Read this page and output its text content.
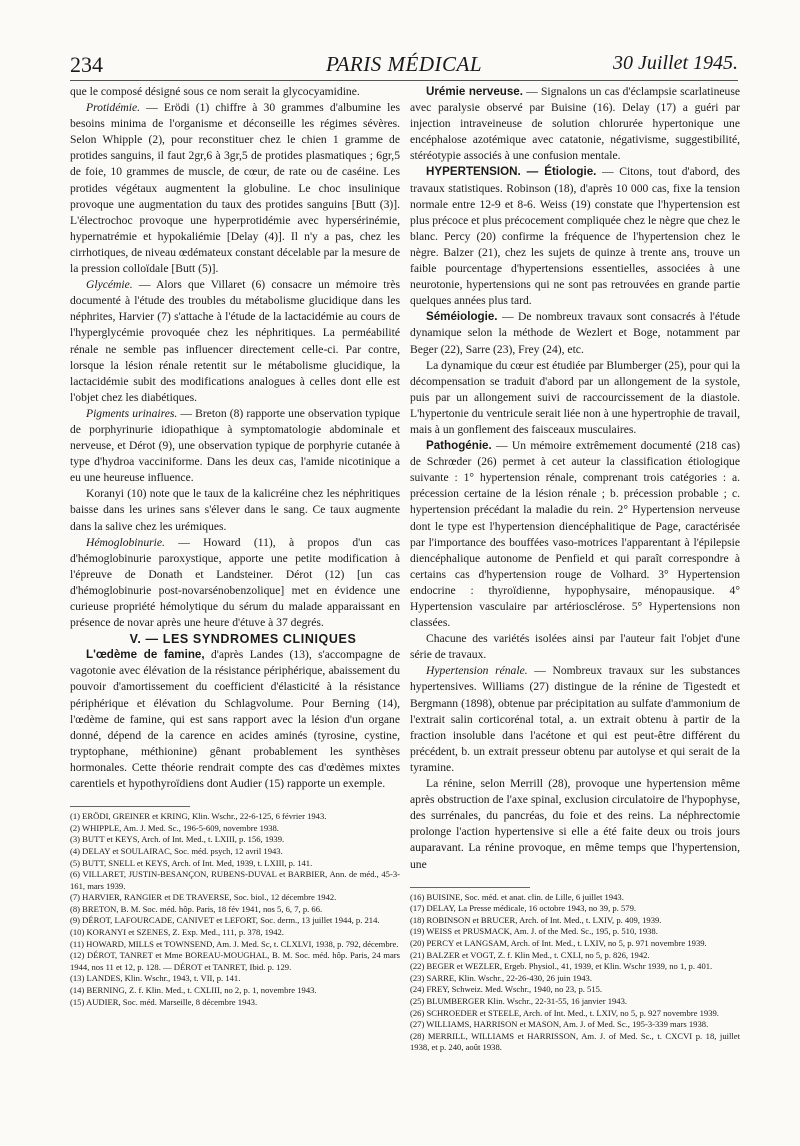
234	PARIS MÉDICAL	30 Juillet 1945.

que le composé désigné sous ce nom serait la glycocyamidine.

Protidémie. — Erödi (1) chiffre à 30 grammes d'albumine les besoins minima de l'organisme et déconseille les régimes sévères. Selon Whipple (2), pour reconstituer chez le chien 1 gramme de protides sanguins, il faut 2gr,6 à 3gr,5 de protides plasmatiques ; 6gr,5 de foie, 10 grammes de muscle, de cœur, de rate ou de caséine. Les protides végétaux augmentent la globuline. Le choc insulinique provoque une augmentation du taux des protides sanguins [Butt (3)]. L'électrochoc provoque une hyperprotidémie avec hypersérinémie, hypernatrémie et hypokaliémie [Delay (4)]. Il n'y a pas, chez les cirrhotiques, de niveau œdémateux constant décelable par la mesure de la pression colloïdale [Butt (5)].

Glycémie. — Alors que Villaret (6) consacre un mémoire très documenté à l'étude des troubles du métabolisme glucidique dans les néphrites, Harvier (7) s'attache à l'étude de la lactacidémie au cours de l'hyperglycémie provoquée chez les néphritiques. La perméabilité rénale ne semble pas influencer directement celle-ci. Par contre, lorsque la lésion rénale retentit sur le métabolisme glucidique, la lactacidémie subit des modifications analogues à celles dont elle est l'objet chez les diabétiques.

Pigments urinaires. — Breton (8) rapporte une observation typique de porphyrinurie idiopathique à symptomatologie abdominale et nerveuse, et Dérot (9), une observation typique de porphyrie cutanée à type d'hydroa vacciniforme. Dans les deux cas, l'amide nicotinique a eu une heureuse influence.

Koranyi (10) note que le taux de la kalicréine chez les néphritiques baisse dans les urines sans s'élever dans le sang. Ce taux augmente dans la salive chez les urémiques.

Hémoglobinurie. — Howard (11), à propos d'un cas d'hémoglobinurie paroxystique, apporte une petite modification à l'épreuve de Donath et Landsteiner. Dérot (12) [un cas d'hémoglobinurie post-novarsénobenzolique] met en évidence une curieuse propriété hémolytique du sérum du malade apparaissant en présence de novar après une heure d'étuve à 37 degrés.

V. — LES SYNDROMES CLINIQUES

L'œdème de famine, d'après Landes (13), s'accompagne de vagotonie avec élévation de la résistance périphérique, abaissement du pouvoir d'amortissement du coefficient d'élasticité à la résistance périphérique et élévation du Schlagvolume. Pour Berning (14), l'œdème de famine, qui est sans rapport avec la lésion d'un organe donné, dépend de la carence en acides aminés (tyrosine, cystine, tryptophane, méthionine) gênant probablement les synthèses hormonales. Cette théorie rendrait compte des cas d'œdèmes mixtes carentiels et hypothyroïdiens dont Audier (15) rapporte un exemple.

(1) ERÖDI, GREINER et KRING, Klin. Wschr., 22-6-125, 6 février 1943.
(2) WHIPPLE, Am. J. Med. Sc., 196-5-609, novembre 1938.
(3) BUTT et KEYS, Arch. of Int. Med., t. LXIII, p. 156, 1939.
(4) DELAY et SOULAIRAC, Soc. méd. psych, 12 avril 1943.
(5) BUTT, SNELL et KEYS, Arch. of Int. Med, 1939, t. LXIII, p. 141.
(6) VILLARET, JUSTIN-BESANÇON, RUBENS-DUVAL et BARBIER, Ann. de méd., 45-3-161, mars 1939.
(7) HARVIER, RANGIER et DE TRAVERSE, Soc. biol., 12 décembre 1942.
(8) BRETON, B. M. Soc. méd. hôp. Paris, 18 fév 1941, nos 5, 6, 7, p. 66.
(9) DÉROT, LAFOURCADE, CANIVET et LEFORT, Soc. derm., 13 juillet 1944, p. 214.
(10) KORANYI et SZENES, Z. Exp. Med., 111, p. 378, 1942.
(11) HOWARD, MILLS et TOWNSEND, Am. J. Med. Sc, t. CLXLVI, 1938, p. 792, décembre.
(12) DÉROT, TANRET et Mme BOREAU-MOUGHAL, B. M. Soc. méd. hôp. Paris, 24 mars 1944, nos 11 et 12, p. 128. — DÉROT et TANRET, Ibid. p. 129.
(13) LANDES, Klin. Wschr., 1943, t. VII, p. 141.
(14) BERNING, Z. f. Klin. Med., t. CXLIII, no 2, p. 1, novembre 1943.
(15) AUDIER, Soc. méd. Marseille, 8 décembre 1943.

Urémie nerveuse. — Signalons un cas d'éclampsie scarlatineuse avec paralysie observé par Buisine (16). Delay (17) a guéri par injection intraveineuse de solution chlorurée hypertonique une encéphalose azotémique avec catatonie, négativisme, suggestibilité, stéréotypie associés à une confusion mentale.

HYPERTENSION. — Étiologie. — Citons, tout d'abord, des travaux statistiques. Robinson (18), d'après 10 000 cas, fixe la tension normale entre 12-9 et 8-6. Weiss (19) constate que l'hypertension est plus précoce et plus précocement compliquée chez le nègre que chez le blanc. Percy (20) confirme la fréquence de l'hypertension chez le nègre. Balzer (21), chez les sujets de quinze à trente ans, trouve un faible pourcentage d'hypertensions essentielles, associées à une neurotonie, hypertensions qui ne sont pas retrouvées en grande partie quelques années plus tard.

Séméiologie. — De nombreux travaux sont consacrés à l'étude dynamique selon la méthode de Wezlert et Boge, notamment par Beger (22), Sarre (23), Frey (24), etc.

La dynamique du cœur est étudiée par Blumberger (25), pour qui la décompensation se traduit d'abord par un allongement de la systole, puis par un allongement suivi de raccourcissement de la diastole. L'hypertonie du ventricule serait liée non à une hypertrophie de travail, mais à un gonflement des faisceaux musculaires.

Pathogénie. — Un mémoire extrêmement documenté (218 cas) de Schrœder (26) permet à cet auteur la classification étiologique suivante : 1° hypertension rénale, comprenant trois catégories : a. précession certaine de la lésion rénale ; b. précession probable ; c. hypertension précédant la maladie du rein. 2° Hypertension nerveuse dont le type est l'hypertension diencéphalitique de Page, caractérisée par l'importance des bouffées vaso-motrices l'apparentant à l'épilepsie diencéphalique autonome de Penfield et qui paraît correspondre à certains cas d'hypertension rouge de Volhard. 3° Hypertension endocrine : thyroïdienne, hypophysaire, ménopausique. 4° Hypertension vasculaire par artériosclérose. 5° Hypertensions non classées.

Chacune des variétés isolées ainsi par l'auteur fait l'objet d'une série de travaux.

Hypertension rénale. — Nombreux travaux sur les substances hypertensives. Williams (27) distingue de la rénine de Tigestedt et Bergmann (1898), obtenue par précipitation au sulfate d'ammonium de l'extrait salin corticorénal total, a. un extrait obtenu à partir de la fraction insoluble dans l'acétone et qui est peut-être différent du précédent, b. un extrait presseur obtenu par autolyse et qui serait de la tyramine.

La rénine, selon Merrill (28), provoque une hypertension même après obstruction de l'axe spinal, exclusion circulatoire de l'hypophyse, des surrénales, du pancréas, du foie et des reins. La néphrectomie prolonge l'action hypertensive si elle a été faite deux ou trois jours auparavant. La rénine provoque, en même temps que l'hypertension, une

(16) BUISINE, Soc. méd. et anat. clin. de Lille, 6 juillet 1943.
(17) DELAY, La Presse médicale, 16 octobre 1943, no 39, p. 579.
(18) ROBINSON et BRUCER, Arch. of Int. Med., t. LXIV, p. 409, 1939.
(19) WEISS et PRUSMACK, Am. J. of the Med. Sc., 195, p. 510, 1938.
(20) PERCY et LANGSAM, Arch. of Int. Med., t. LXIV, no 5, p. 971 novembre 1939.
(21) BALZER et VOGT, Z. f. Klin Med., t. CXLI, no 5, p. 826, 1942.
(22) BEGER et WEZLER, Ergeb. Physiol., 41, 1939, et Klin. Wschr 1939, no 1, p. 401.
(23) SARRE, Klin. Wschr., 22-26-430, 26 juin 1943.
(24) FREY, Schweiz. Med. Wschr., 1940, no 23, p. 515.
(25) BLUMBERGER Klin. Wschr., 22-31-55, 16 janvier 1943.
(26) SCHROEDER et STEELE, Arch. of Int. Med., t. LXIV, no 5, p. 927 novembre 1939.
(27) WILLIAMS, HARRISON et MASON, Am. J. of Med. Sc., 195-3-339 mars 1938.
(28) MERRILL, WILLIAMS et HARRISSON, Am. J. of Med. Sc., t. CXCVI p. 18, juillet 1938, et p. 240, août 1938.
